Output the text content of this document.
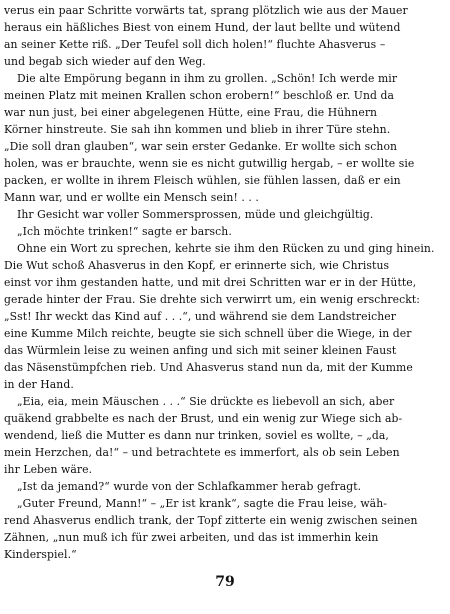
verus ein paar Schritte vorwärts tat, sprang plötzlich wie aus der Mauer
heraus ein häßliches Biest von einem Hund, der laut bellte und wütend
an seiner Kette riß. „Der Teufel soll dich holen!“ fluchte Ahasverus –
und begab sich wieder auf den Weg.
Die alte Empörung begann in ihm zu grollen. „Schön! Ich werde mir
meinen Platz mit meinen Krallen schon erobern!“ beschloß er. Und da
war nun just, bei einer abgelegenen Hütte, eine Frau, die Hühnern
Körner hinstreute. Sie sah ihn kommen und blieb in ihrer Türe stehn.
„Die soll dran glauben“, war sein erster Gedanke. Er wollte sich schon
holen, was er brauchte, wenn sie es nicht gutwillig hergab, – er wollte sie
packen, er wollte in ihrem Fleisch wühlen, sie fühlen lassen, daß er ein
Mann war, und er wollte ein Mensch sein! . . .
Ihr Gesicht war voller Sommersprossen, müde und gleichgültig.
„Ich möchte trinken!“ sagte er barsch.
Ohne ein Wort zu sprechen, kehrte sie ihm den Rücken zu und ging hinein.
Die Wut schoß Ahasverus in den Kopf, er erinnerte sich, wie Christus
einst vor ihm gestanden hatte, und mit drei Schritten war er in der Hütte,
gerade hinter der Frau. Sie drehte sich verwirrt um, ein wenig erschreckt:
„Sst! Ihr weckt das Kind auf . . .“, und während sie dem Landstreicher
eine Kumme Milch reichte, beugte sie sich schnell über die Wiege, in der
das Würmlein leise zu weinen anfing und sich mit seiner kleinen Faust
das Näsenstümpfchen rieb. Und Ahasverus stand nun da, mit der Kumme
in der Hand.
„Eia, eia, mein Mäuschen . . .“ Sie drückte es liebevoll an sich, aber
quäkend grabbelte es nach der Brust, und ein wenig zur Wiege sich ab-
wendend, ließ die Mutter es dann nur trinken, soviel es wollte, – „da,
mein Herzchen, da!“ – und betrachtete es immerfort, als ob sein Leben
ihr Leben wäre.
„Ist da jemand?“ wurde von der Schlafkammer herab gefragt.
„Guter Freund, Mann!“ – „Er ist krank“, sagte die Frau leise, wäh-
rend Ahasverus endlich trank, der Topf zitterte ein wenig zwischen seinen
Zähnen, „nun muß ich für zwei arbeiten, und das ist immerhin kein
Kinderspiel.“
79
